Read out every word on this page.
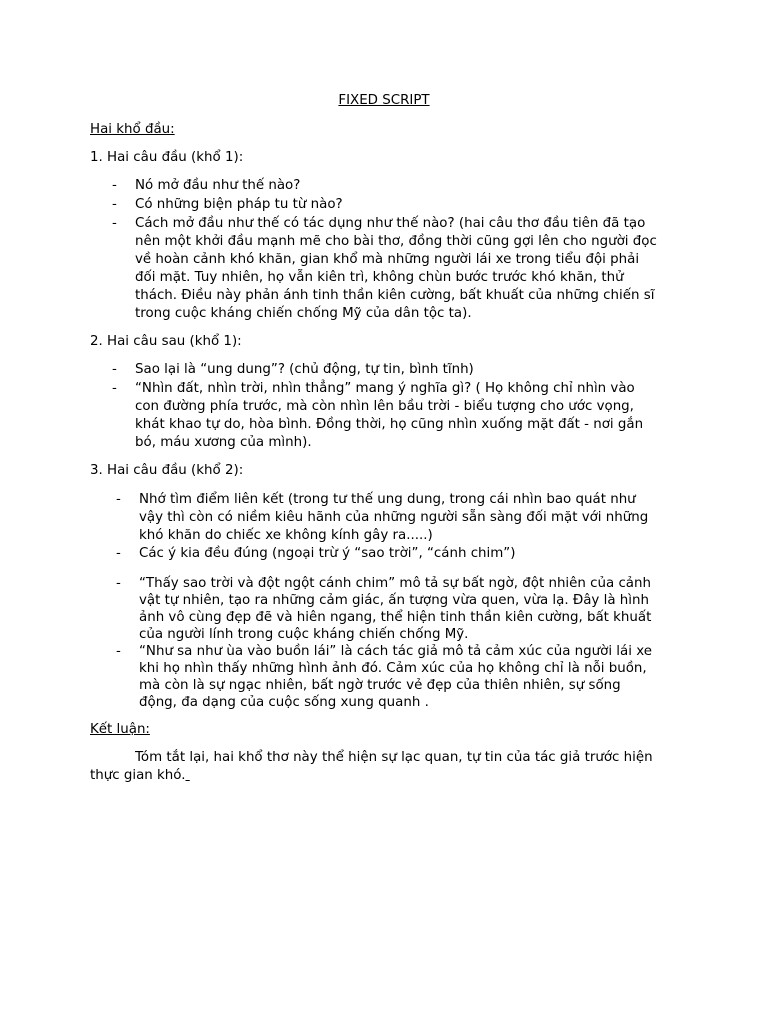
FIXED SCRIPT
Hai khổ đầu:
1. Hai câu đầu (khổ 1):
- Nó mở đầu như thế nào?
- Có những biện pháp tu từ nào?
- Cách mở đầu như thế có tác dụng như thế nào? (hai câu thơ đầu tiên đã tạo
nên một khởi đầu mạnh mẽ cho bài thơ, đồng thời cũng gợi lên cho người đọc
về hoàn cảnh khó khăn, gian khổ mà những người lái xe trong tiểu đội phải
đối mặt. Tuy nhiên, họ vẫn kiên trì, không chùn bước trước khó khăn, thử
thách. Điều này phản ánh tinh thần kiên cường, bất khuất của những chiến sĩ
trong cuộc kháng chiến chống Mỹ của dân tộc ta).
2. Hai câu sau (khổ 1):
- Sao lại là “ung dung”? (chủ động, tự tin, bình tĩnh)
- “Nhìn đất, nhìn trời, nhìn thẳng” mang ý nghĩa gì? ( Họ không chỉ nhìn vào
con đường phía trước, mà còn nhìn lên bầu trời - biểu tượng cho ước vọng,
khát khao tự do, hòa bình. Đồng thời, họ cũng nhìn xuống mặt đất - nơi gắn
bó, máu xương của mình).
3. Hai câu đầu (khổ 2):
- Nhớ tìm điểm liên kết (trong tư thế ung dung, trong cái nhìn bao quát như
vậy thì còn có niềm kiêu hãnh của những người sẵn sàng đối mặt với những
khó khăn do chiếc xe không kính gây ra.....)
- Các ý kia đều đúng (ngoại trừ ý “sao trời”, “cánh chim”)
- “Thấy sao trời và đột ngột cánh chim” mô tả sự bất ngờ, đột nhiên của cảnh
vật tự nhiên, tạo ra những cảm giác, ấn tượng vừa quen, vừa lạ. Đây là hình
ảnh vô cùng đẹp đẽ và hiên ngang, thể hiện tinh thần kiên cường, bất khuất
của người lính trong cuộc kháng chiến chống Mỹ.
- “Như sa như ùa vào buồn lái” là cách tác giả mô tả cảm xúc của người lái xe
khi họ nhìn thấy những hình ảnh đó. Cảm xúc của họ không chỉ là nỗi buồn,
mà còn là sự ngạc nhiên, bất ngờ trước vẻ đẹp của thiên nhiên, sự sống
động, đa dạng của cuộc sống xung quanh .
Kết luận:
Tóm tắt lại, hai khổ thơ này thể hiện sự lạc quan, tự tin của tác giả trước hiện
thực gian khó.
